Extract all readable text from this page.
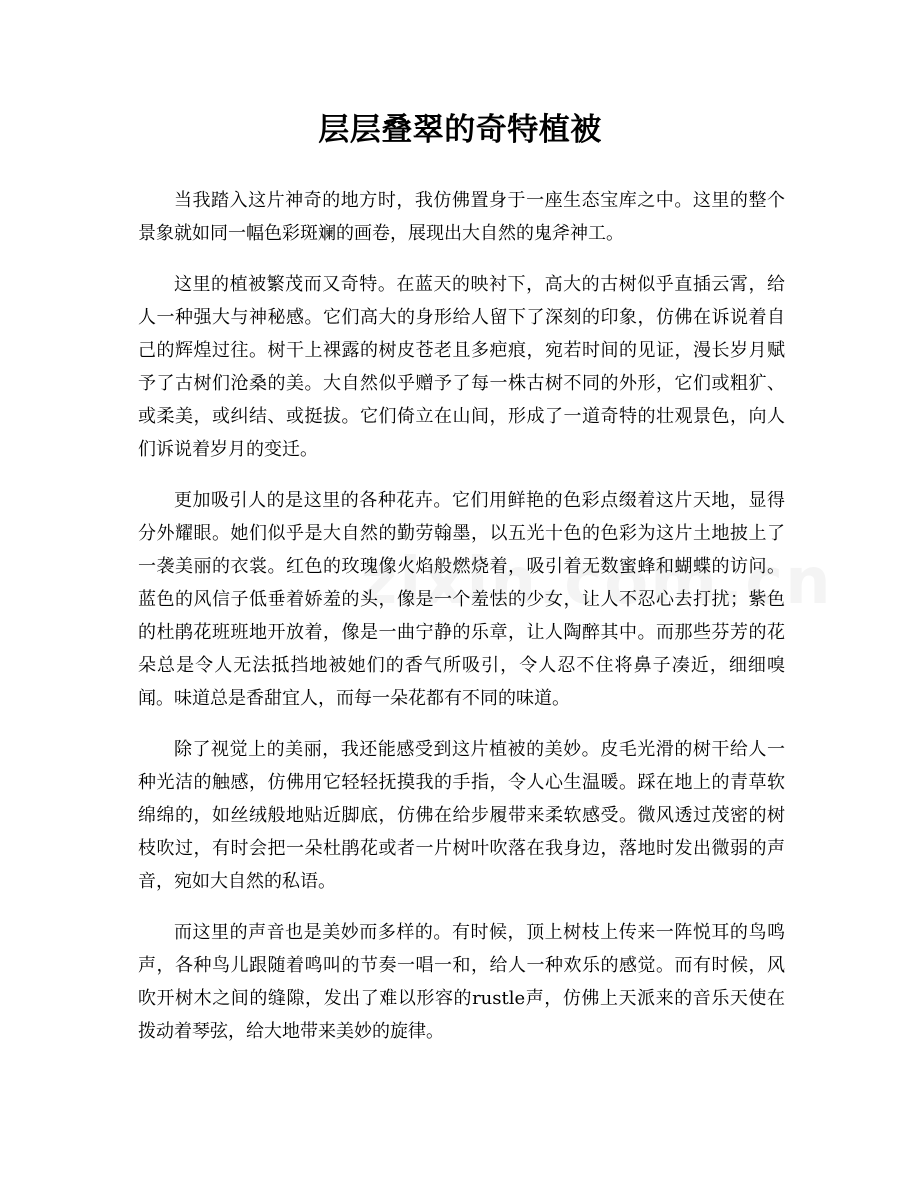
层层叠翠的奇特植被

当我踏入这片神奇的地方时，我仿佛置身于一座生态宝库之中。这里的整个景象就如同一幅色彩斑斓的画卷，展现出大自然的鬼斧神工。

这里的植被繁茂而又奇特。在蓝天的映衬下，高大的古树似乎直插云霄，给人一种强大与神秘感。它们高大的身形给人留下了深刻的印象，仿佛在诉说着自己的辉煌过往。树干上裸露的树皮苍老且多疤痕，宛若时间的见证，漫长岁月赋予了古树们沧桑的美。大自然似乎赠予了每一株古树不同的外形，它们或粗犷、或柔美，或纠结、或挺拔。它们倚立在山间，形成了一道奇特的壮观景色，向人们诉说着岁月的变迁。

更加吸引人的是这里的各种花卉。它们用鲜艳的色彩点缀着这片天地，显得分外耀眼。她们似乎是大自然的勤劳翰墨，以五光十色的色彩为这片土地披上了一袭美丽的衣裳。红色的玫瑰像火焰般燃烧着，吸引着无数蜜蜂和蝴蝶的访问。蓝色的风信子低垂着娇羞的头，像是一个羞怯的少女，让人不忍心去打扰；紫色的杜鹃花班班地开放着，像是一曲宁静的乐章，让人陶醉其中。而那些芬芳的花朵总是令人无法抵挡地被她们的香气所吸引，令人忍不住将鼻子凑近，细细嗅闻。味道总是香甜宜人，而每一朵花都有不同的味道。

除了视觉上的美丽，我还能感受到这片植被的美妙。皮毛光滑的树干给人一种光洁的触感，仿佛用它轻轻抚摸我的手指，令人心生温暖。踩在地上的青草软绵绵的，如丝绒般地贴近脚底，仿佛在给步履带来柔软感受。微风透过茂密的树枝吹过，有时会把一朵杜鹃花或者一片树叶吹落在我身边，落地时发出微弱的声音，宛如大自然的私语。

而这里的声音也是美妙而多样的。有时候，顶上树枝上传来一阵悦耳的鸟鸣声，各种鸟儿跟随着鸣叫的节奏一唱一和，给人一种欢乐的感觉。而有时候，风吹开树木之间的缝隙，发出了难以形容的rustle声，仿佛上天派来的音乐天使在拨动着琴弦，给大地带来美妙的旋律。
